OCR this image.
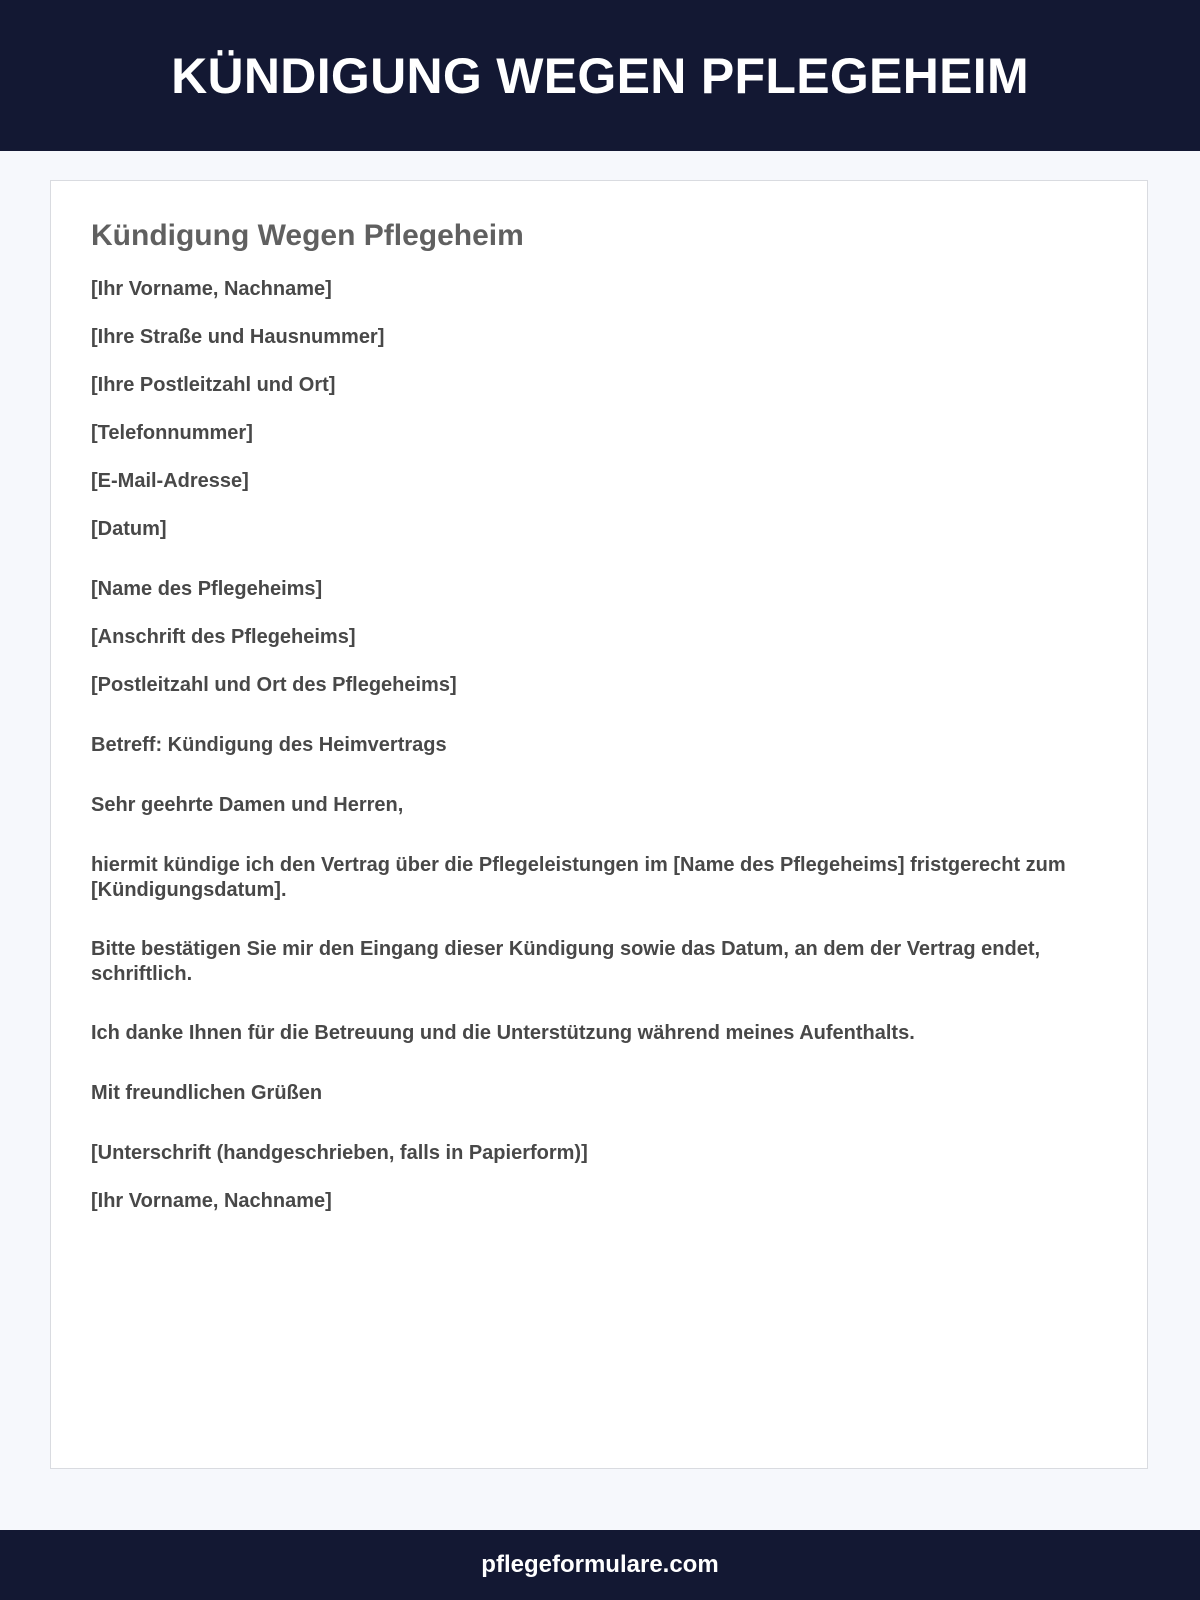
KÜNDIGUNG WEGEN PFLEGEHEIM
Kündigung Wegen Pflegeheim

[Ihr Vorname, Nachname]

[Ihre Straße und Hausnummer]

[Ihre Postleitzahl und Ort]

[Telefonnummer]

[E-Mail-Adresse]

[Datum]

[Name des Pflegeheims]

[Anschrift des Pflegeheims]

[Postleitzahl und Ort des Pflegeheims]

Betreff: Kündigung des Heimvertrags

Sehr geehrte Damen und Herren,

hiermit kündige ich den Vertrag über die Pflegeleistungen im [Name des Pflegeheims] fristgerecht zum [Kündigungsdatum].

Bitte bestätigen Sie mir den Eingang dieser Kündigung sowie das Datum, an dem der Vertrag endet, schriftlich.

Ich danke Ihnen für die Betreuung und die Unterstützung während meines Aufenthalts.

Mit freundlichen Grüßen

[Unterschrift (handgeschrieben, falls in Papierform)]

[Ihr Vorname, Nachname]

pflegeformulare.com
